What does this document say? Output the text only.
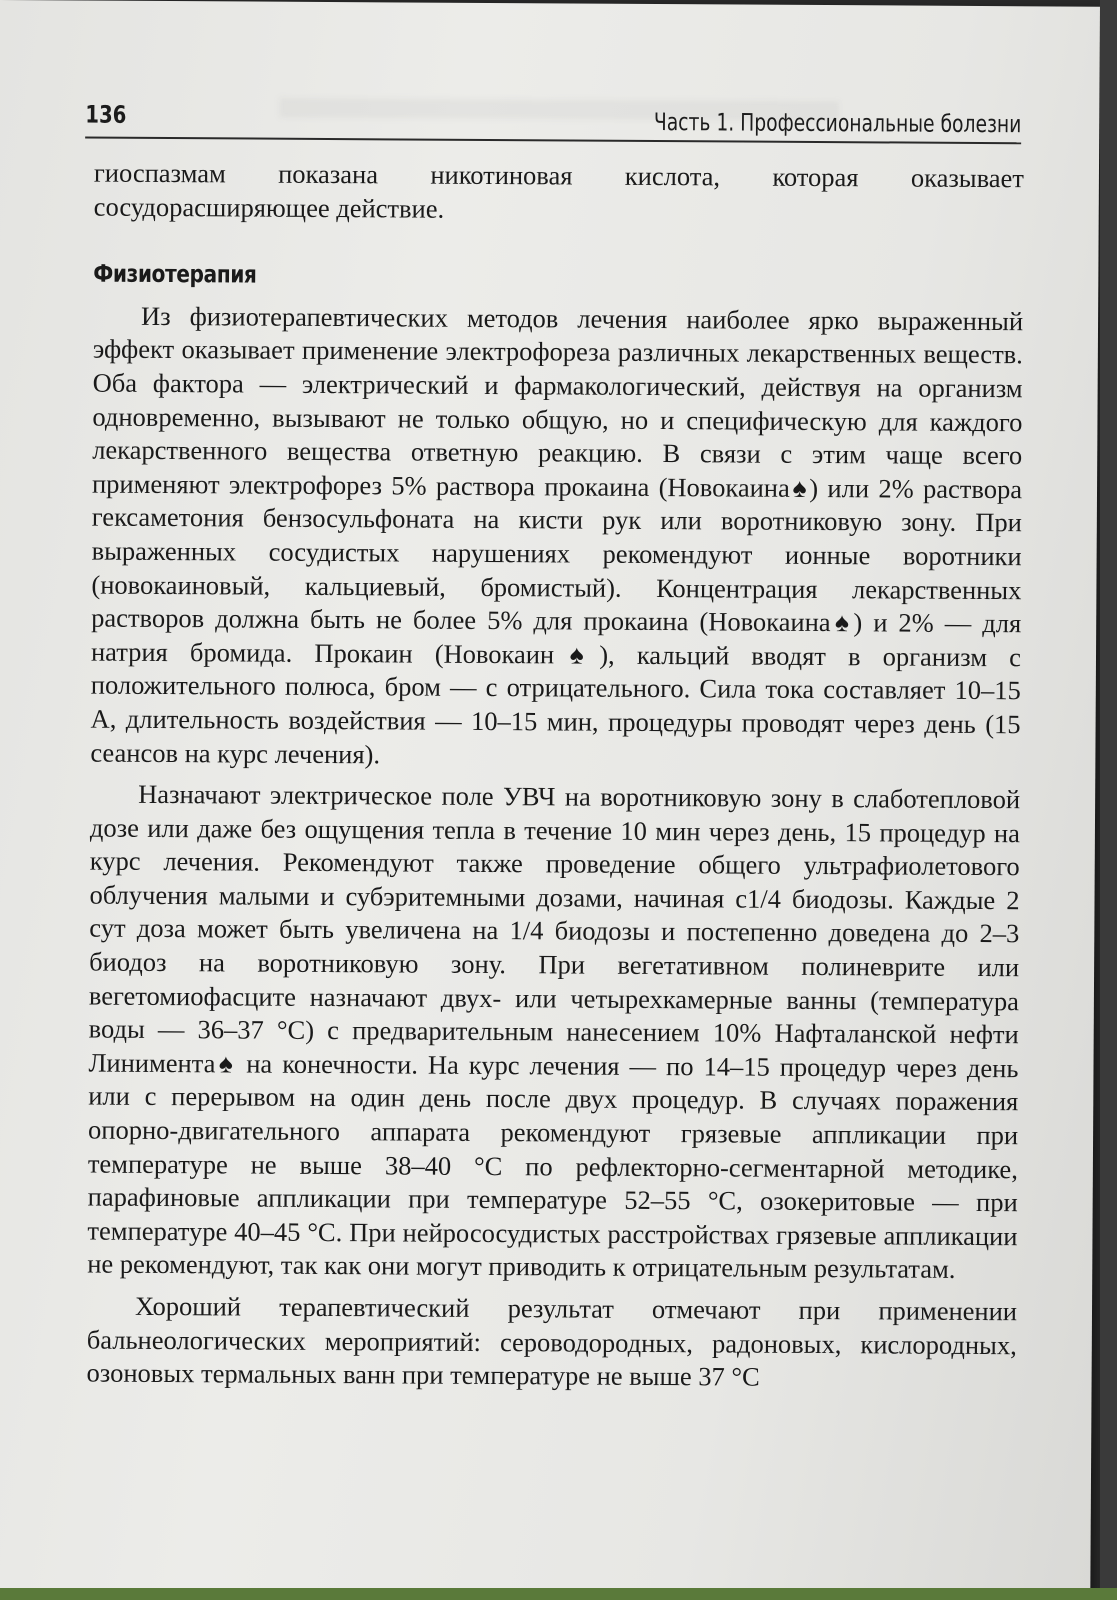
136	Часть 1. Профессиональные болезни

гиоспазмам показана никотиновая кислота, которая оказывает сосудорасширяющее действие.

Физиотерапия

Из физиотерапевтических методов лечения наиболее ярко выраженный эффект оказывает применение электрофореза различных лекарственных веществ. Оба фактора — электрический и фармакологический, действуя на организм одновременно, вызывают не только общую, но и специфическую для каждого лекарственного вещества ответную реакцию. В связи с этим чаще всего применяют электрофорез 5% раствора прокаина (Новокаина♠) или 2% раствора гексаметония бензосульфоната на кисти рук или воротниковую зону. При выраженных сосудистых нарушениях рекомендуют ионные воротники (новокаиновый, кальциевый, бромистый). Концентрация лекарственных растворов должна быть не более 5% для прокаина (Новокаина♠) и 2% — для натрия бромида. Прокаин (Новокаин♠), кальций вводят в организм с положительного полюса, бром — с отрицательного. Сила тока составляет 10–15 А, длительность воздействия — 10–15 мин, процедуры проводят через день (15 сеансов на курс лечения).

Назначают электрическое поле УВЧ на воротниковую зону в слаботепловой дозе или даже без ощущения тепла в течение 10 мин через день, 15 процедур на курс лечения. Рекомендуют также проведение общего ультрафиолетового облучения малыми и субэритемными дозами, начиная с1/4 биодозы. Каждые 2 сут доза может быть увеличена на 1/4 биодозы и постепенно доведена до 2–3 биодоз на воротниковую зону. При вегетативном полиневрите или вегетомиофасците назначают двух- или четырехкамерные ванны (температура воды — 36–37 °С) с предварительным нанесением 10% Нафталанской нефти Линимента♠ на конечности. На курс лечения — по 14–15 процедур через день или с перерывом на один день после двух процедур. В случаях поражения опорно-двигательного аппарата рекомендуют грязевые аппликации при температуре не выше 38–40 °С по рефлекторно-сегментарной методике, парафиновые аппликации при температуре 52–55 °С, озокеритовые — при температуре 40–45 °С. При нейрососудистых расстройствах грязевые аппликации не рекомендуют, так как они могут приводить к отрицательным результатам.

Хороший терапевтический результат отмечают при применении бальнеологических мероприятий: сероводородных, радоновых, кислородных, озоновых термальных ванн при температуре не выше 37 °С
